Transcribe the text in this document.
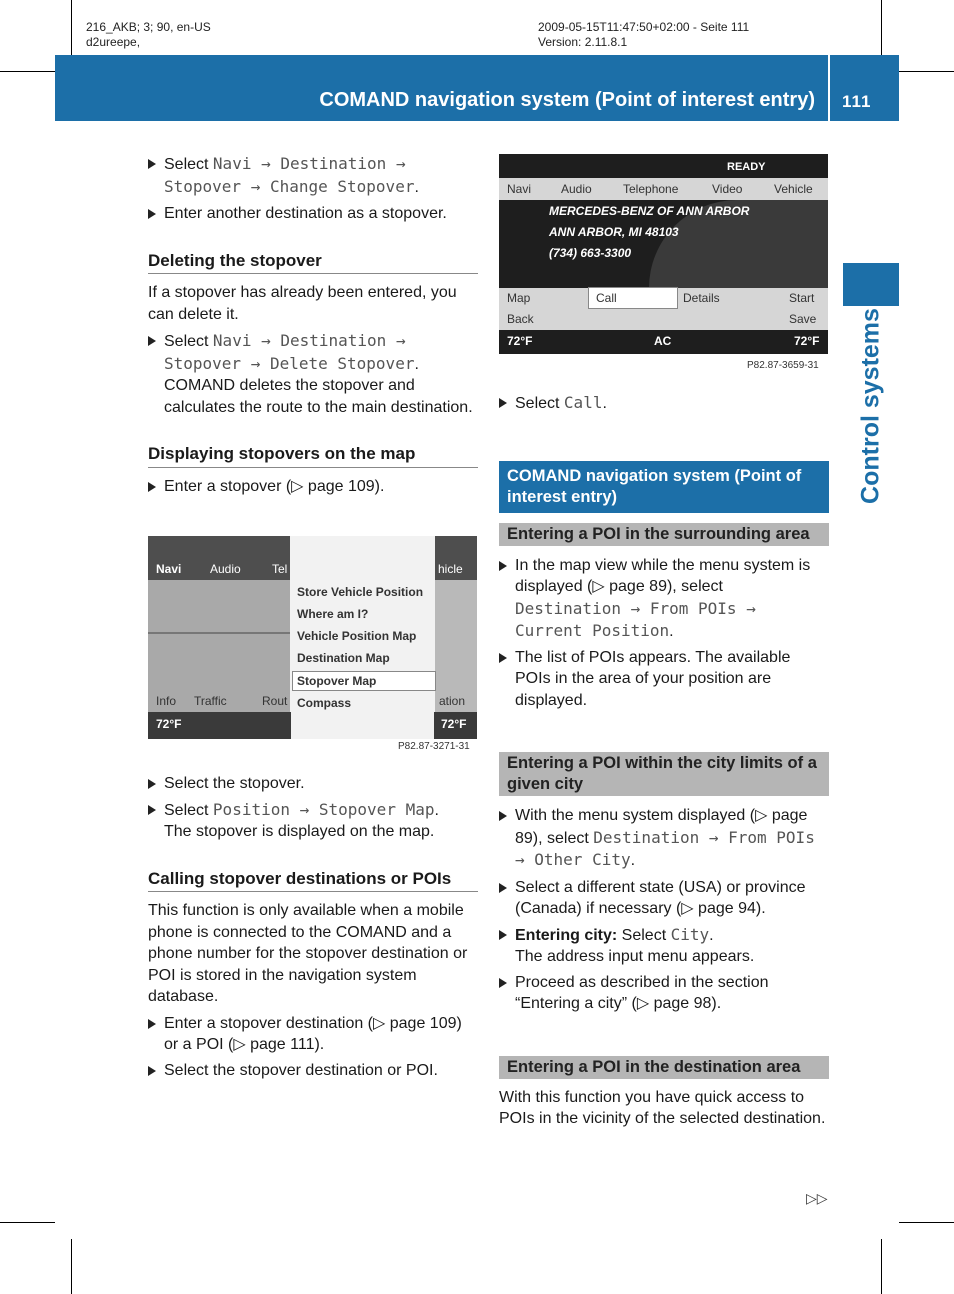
216_AKB; 3; 90, en-US
d2ureepe,
2009-05-15T11:47:50+02:00 - Seite 111
Version: 2.11.8.1
COMAND navigation system (Point of interest entry) 111
Control systems

Select Navi → Destination → Stopover → Change Stopover.

Enter another destination as a stopover.

Deleting the stopover

If a stopover has already been entered, you can delete it.

Select Navi → Destination → Stopover → Delete Stopover.

COMAND deletes the stopover and calculates the route to the main destination.

Displaying stopovers on the map

Enter a stopover (▷ page 109).

Navi Audio	Tel	hicle
Store Vehicle Position
Where am I?
Vehicle Position Map
Destination Map
Stopover Map
Compass
Info Traffic	Rout	ation
72°F	72°F
P82.87-3271-31

Select the stopover.

Select Position → Stopover Map.

The stopover is displayed on the map.

Calling stopover destinations or POIs

This function is only available when a mobile phone is connected to the COMAND and a phone number for the stopover destination or POI is stored in the navigation system database.

Enter a stopover destination (▷ page 109) or a POI (▷ page 111).

Select the stopover destination or POI.

READY
Navi Audio	Telephone	Video	Vehicle
MERCEDES-BENZ OF ANN ARBOR
ANN ARBOR, MI 48103
(734) 663-3300
Map	Call	Details	Start
Back	Save
72°F	AC	72°F
P82.87-3659-31

Select Call.

COMAND navigation system (Point of interest entry)
Entering a POI in the surrounding area

In the map view while the menu system is displayed (▷ page 89), select Destination → From POIs → Current Position.

The list of POIs appears. The available POIs in the area of your position are displayed.

Entering a POI within the city limits of a given city

With the menu system displayed (▷ page 89), select Destination → From POIs → Other City.

Select a different state (USA) or province (Canada) if necessary (▷ page 94).

Entering city: Select City.

The address input menu appears.

Proceed as described in the section “Entering a city” (▷ page 98).

Entering a POI in the destination area

With this function you have quick access to POIs in the vicinity of the selected destination.

▷▷
